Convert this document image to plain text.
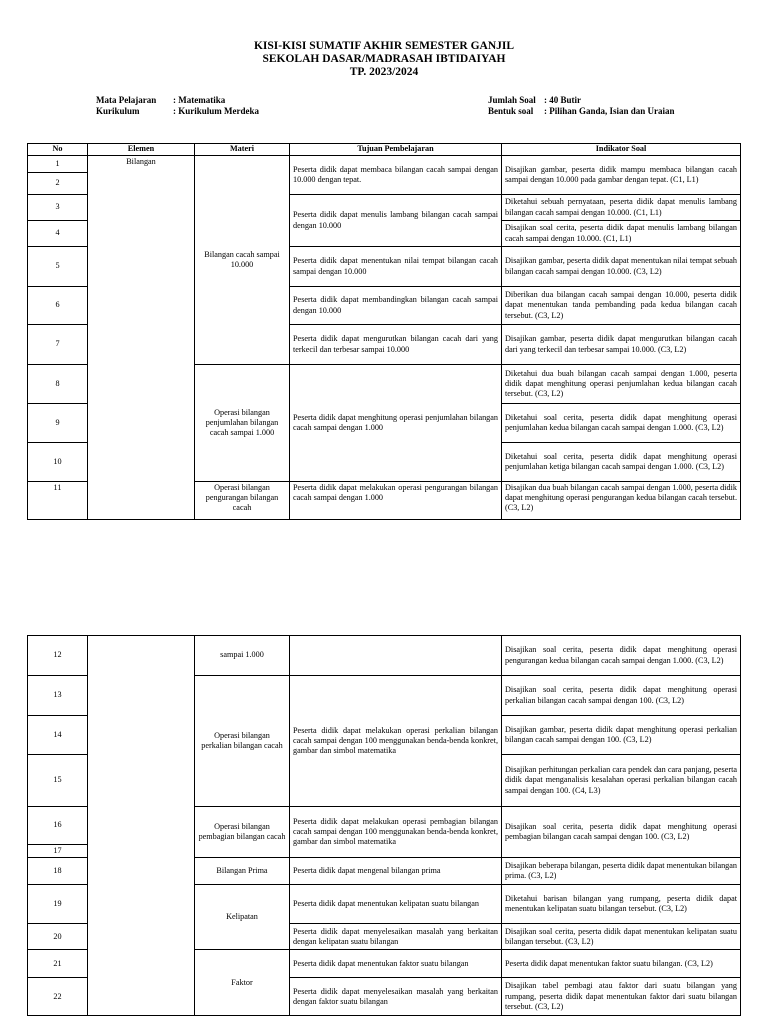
KISI-KISI SUMATIF AKHIR SEMESTER GANJIL
SEKOLAH DASAR/MADRASAH IBTIDAIYAH
TP. 2023/2024
Mata Pelajaran	: Matematika
Kurikulum	: Kurikulum Merdeka
Jumlah Soal : 40 Butir
Bentuk soal	: Pilihan Ganda, Isian dan Uraian
No	Elemen	Materi	Tujuan Pembelajaran	Indikator Soal
1	Bilangan	Bilangan cacah sampai 10.000	Peserta didik dapat membaca bilangan cacah sampai dengan 10.000 dengan tepat.	Disajikan gambar, peserta didik mampu membaca bilangan cacah sampai dengan 10.000 pada gambar dengan tepat. (C1, L1)
2				
3			Peserta didik dapat menulis lambang bilangan cacah sampai dengan 10.000	Diketahui sebuah pernyataan, peserta didik dapat menulis lambang bilangan cacah sampai dengan 10.000. (C1, L1)
4				Disajikan soal cerita, peserta didik dapat menulis lambang bilangan cacah sampai dengan 10.000. (C1, L1)
5			Peserta didik dapat menentukan nilai tempat bilangan cacah sampai dengan 10.000	Disajikan gambar, peserta didik dapat menentukan nilai tempat sebuah bilangan cacah sampai dengan 10.000. (C3, L2)
6			Peserta didik dapat membandingkan bilangan cacah sampai dengan 10.000	Diberikan dua bilangan cacah sampai dengan 10.000, peserta didik dapat menentukan tanda pembanding pada kedua bilangan cacah tersebut. (C3, L2)
7			Peserta didik dapat mengurutkan bilangan cacah dari yang terkecil dan terbesar sampai 10.000	Disajikan gambar, peserta didik dapat mengurutkan bilangan cacah dari yang terkecil dan terbesar sampai 10.000. (C3, L2)
8		Operasi bilangan penjumlahan bilangan cacah sampai 1.000	Peserta didik dapat menghitung operasi penjumlahan bilangan cacah sampai dengan 1.000	Diketahui dua buah bilangan cacah sampai dengan 1.000, peserta didik dapat menghitung operasi penjumlahan kedua bilangan cacah tersebut. (C3, L2)
9				Diketahui soal cerita, peserta didik dapat menghitung operasi penjumlahan kedua bilangan cacah sampai dengan 1.000. (C3, L2)
10				Diketahui soal cerita, peserta didik dapat menghitung operasi penjumlahan ketiga bilangan cacah sampai dengan 1.000. (C3, L2)
11		Operasi bilangan pengurangan bilangan cacah	Peserta didik dapat melakukan operasi pengurangan bilangan cacah sampai dengan 1.000	Disajikan dua buah bilangan cacah sampai dengan 1.000, peserta didik dapat menghitung operasi pengurangan kedua bilangan cacah tersebut. (C3, L2)
12		sampai 1.000		Disajikan soal cerita, peserta didik dapat menghitung operasi pengurangan kedua bilangan cacah sampai dengan 1.000. (C3, L2)
13		Operasi bilangan perkalian bilangan cacah	Peserta didik dapat melakukan operasi perkalian bilangan cacah sampai dengan 100 menggunakan benda-benda konkret, gambar dan simbol matematika	Disajikan soal cerita, peserta didik dapat menghitung operasi perkalian bilangan cacah sampai dengan 100. (C3, L2)
14				Disajikan gambar, peserta didik dapat menghitung operasi perkalian bilangan cacah sampai dengan 100. (C3, L2)
15				Disajikan perhitungan perkalian cara pendek dan cara panjang, peserta didik dapat menganalisis kesalahan operasi perkalian bilangan cacah sampai dengan 100. (C4, L3)
16		Operasi bilangan pembagian bilangan cacah	Peserta didik dapat melakukan operasi pembagian bilangan cacah sampai dengan 100 menggunakan benda-benda konkret, gambar dan simbol matematika	Disajikan soal cerita, peserta didik dapat menghitung operasi pembagian bilangan cacah sampai dengan 100. (C3, L2)
17				
18		Bilangan Prima	Peserta didik dapat mengenal bilangan prima	Disajikan beberapa bilangan, peserta didik dapat menentukan bilangan prima. (C3, L2)
19		Kelipatan	Peserta didik dapat menentukan kelipatan suatu bilangan	Diketahui barisan bilangan yang rumpang, peserta didik dapat menentukan kelipatan suatu bilangan tersebut. (C3, L2)
20			Peserta didik dapat menyelesaikan masalah yang berkaitan dengan kelipatan suatu bilangan	Disajikan soal cerita, peserta didik dapat menentukan kelipatan suatu bilangan tersebut. (C3, L2)
21		Faktor	Peserta didik dapat menentukan faktor suatu bilangan	Peserta didik dapat menentukan faktor suatu bilangan. (C3, L2)
22			Peserta didik dapat menyelesaikan masalah yang berkaitan dengan faktor suatu bilangan	Disajikan tabel pembagi atau faktor dari suatu bilangan yang rumpang, peserta didik dapat menentukan faktor dari suatu bilangan tersebut. (C3, L2)
